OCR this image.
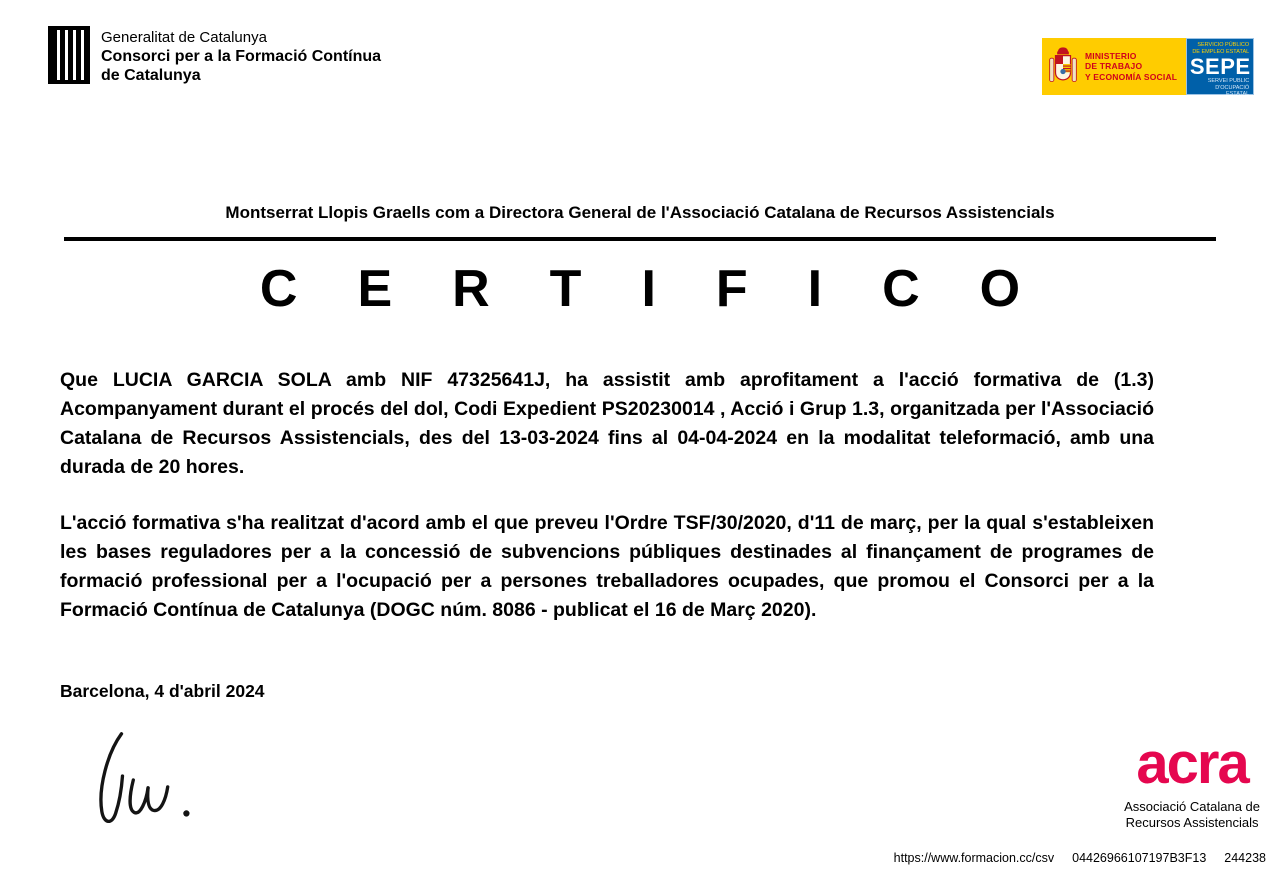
Generalitat de Catalunya
Consorci per a la Formació Contínua
de Catalunya
MINISTERIO
DE TRABAJO
Y ECONOMÍA SOCIAL
SERVICIO PÚBLICO
DE EMPLEO ESTATAL
SEPE
SERVEI PUBLIC
D'OCUPACIÓ ESTATAL
Montserrat Llopis Graells com a Directora General de l'Associació Catalana de Recursos Assistencials
CERTIFICO

Que LUCIA GARCIA SOLA amb NIF 47325641J, ha assistit amb aprofitament a l'acció formativa de (1.3) Acompanyament durant el procés del dol, Codi Expedient PS20230014 , Acció i Grup 1.3, organitzada per l'Associació Catalana de Recursos Assistencials, des del 13-03-2024 fins al 04-04-2024 en la modalitat teleformació, amb una durada de 20 hores.

L'acció formativa s'ha realitzat d'acord amb el que preveu l'Ordre TSF/30/2020, d'11 de març, per la qual s'estableixen les bases reguladores per a la concessió de subvencions públiques destinades al finançament de programes de formació professional per a l'ocupació per a persones treballadores ocupades, que promou el Consorci per a la Formació Contínua de Catalunya (DOGC núm. 8086 - publicat el 16 de Març 2020).

Barcelona, 4 d'abril 2024
acra
Associació Catalana de
Recursos Assistencials
https://www.formacion.cc/csv 04426966107197B3F13 244238
